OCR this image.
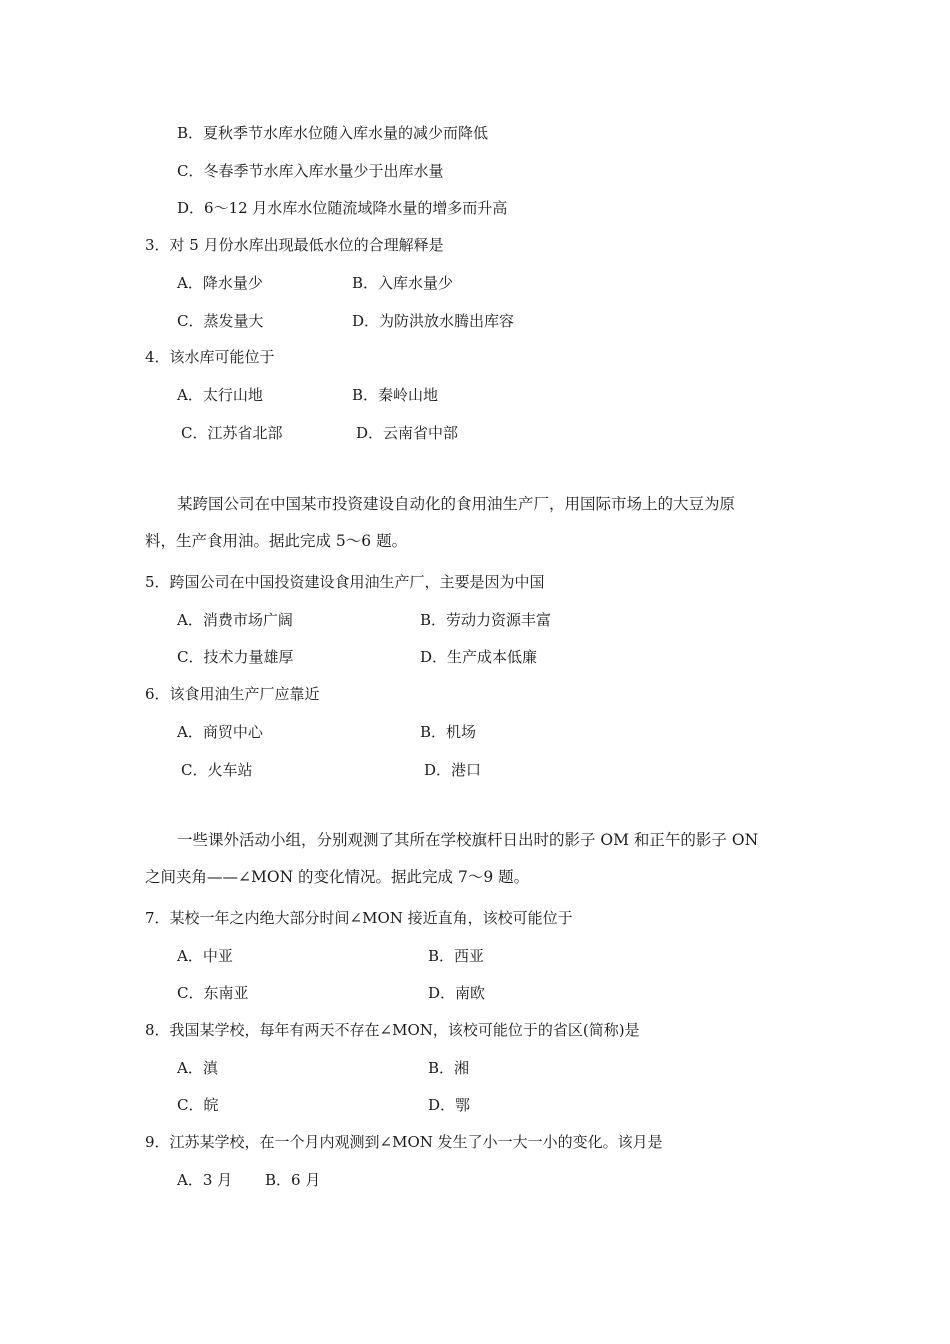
B．夏秋季节水库水位随入库水量的减少而降低
C．冬春季节水库入库水量少于出库水量
D．6～12 月水库水位随流域降水量的增多而升高
3．对 5 月份水库出现最低水位的合理解释是
A．降水量少	B．入库水量少
C．蒸发量大	D．为防洪放水腾出库容
4．该水库可能位于
A．太行山地	B．秦岭山地
C．江苏省北部	D．云南省中部

某跨国公司在中国某市投资建设自动化的食用油生产厂，用国际市场上的大豆为原

料，生产食用油。据此完成 5～6 题。

5．跨国公司在中国投资建设食用油生产厂，主要是因为中国
A．消费市场广阔	B．劳动力资源丰富
C．技术力量雄厚	D．生产成本低廉
6．该食用油生产厂应靠近
A．商贸中心	B．机场
C．火车站	D．港口

一些课外活动小组，分别观测了其所在学校旗杆日出时的影子 OM 和正午的影子 ON

之间夹角——∠MON 的变化情况。据此完成 7～9 题。

7．某校一年之内绝大部分时间∠MON 接近直角，该校可能位于
A．中亚	B．西亚
C．东南亚	D．南欧
8．我国某学校，每年有两天不存在∠MON，该校可能位于的省区(简称)是
A．滇	B．湘
C．皖	D．鄂
9．江苏某学校，在一个月内观测到∠MON 发生了小一大一小的变化。该月是
A．3 月 B．6 月
